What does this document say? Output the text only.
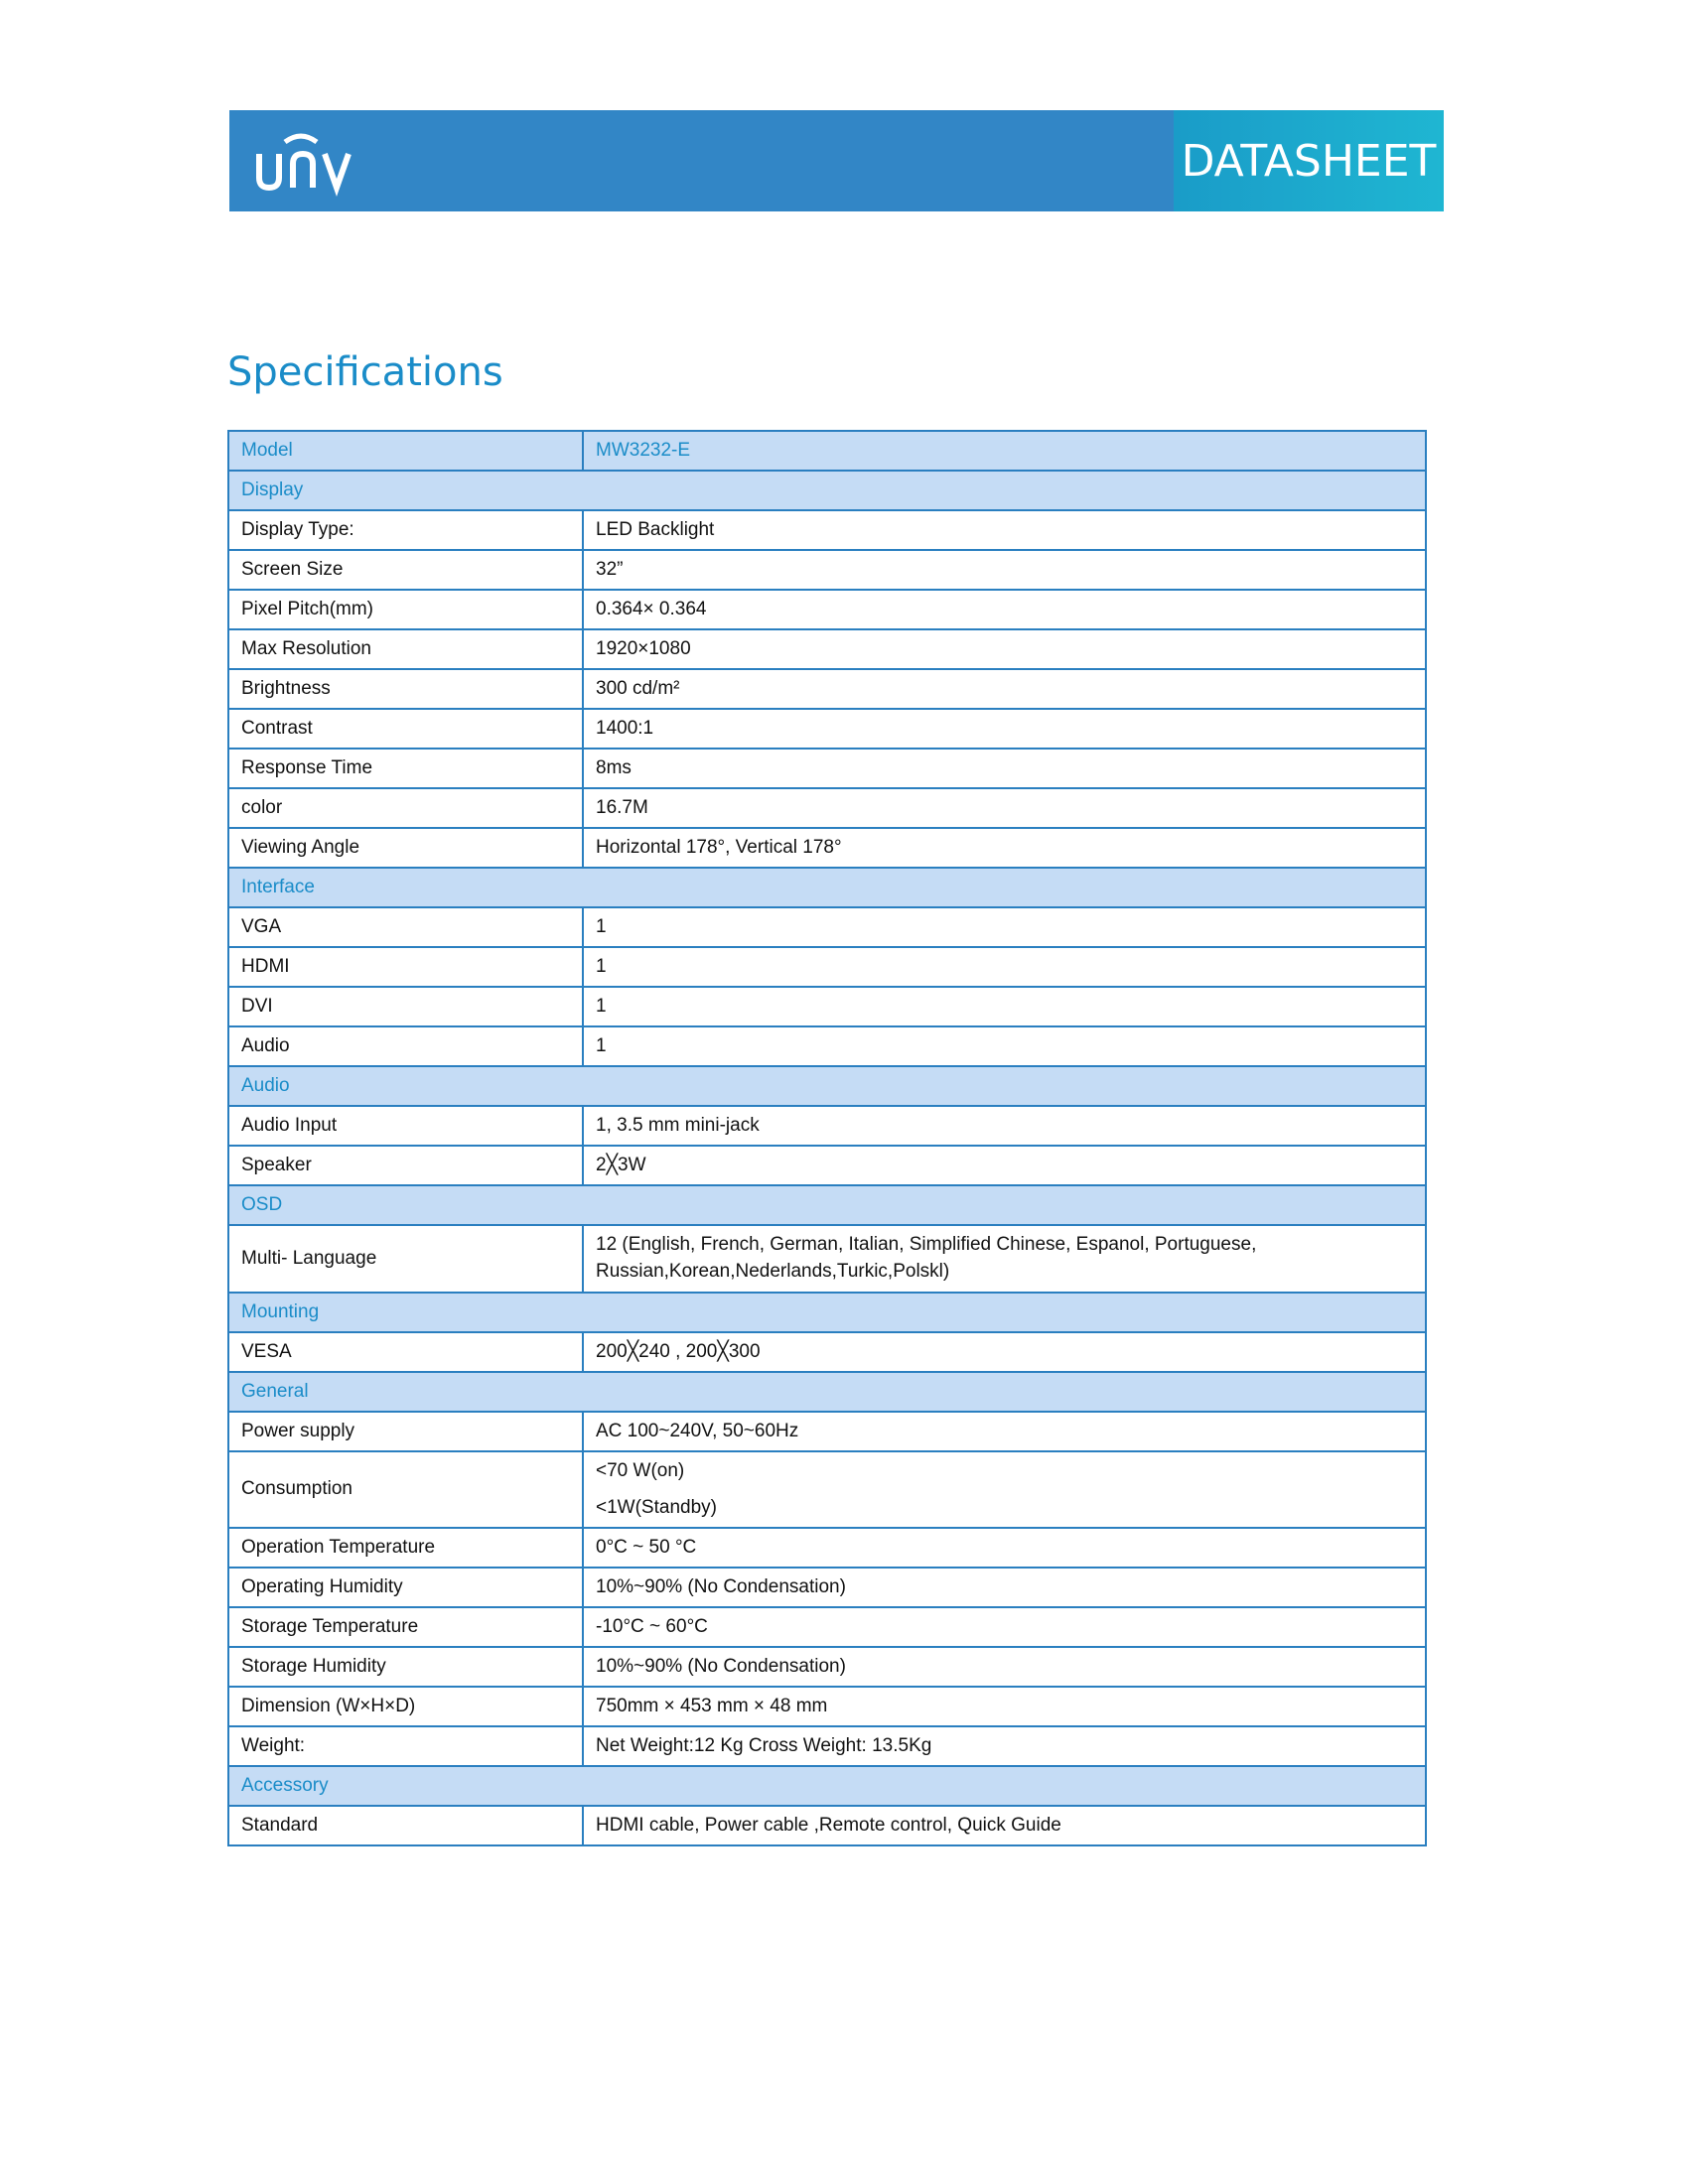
DATASHEET
Specifications
Model	MW3232-E
Display	
Display Type:	LED Backlight
Screen Size	32”
Pixel Pitch(mm)	0.364× 0.364
Max Resolution	1920×1080
Brightness	300 cd/m²
Contrast	1400:1
Response Time	8ms
color	16.7M
Viewing Angle	Horizontal 178°, Vertical 178°
Interface	
VGA	1
HDMI	1
DVI	1
Audio	1
Audio	
Audio Input	1, 3.5 mm mini-jack
Speaker	2╳3W
OSD	
Multi- Language	12 (English, French, German, Italian, Simplified Chinese, Espanol, Portuguese, Russian,Korean,Nederlands,Turkic,Polskl)
Mounting	
VESA	200╳240 , 200╳300
General	
Power supply	AC 100~240V, 50~60Hz
Consumption	<70 W(on)
<1W(Standby)

Operation Temperature	0°C ~ 50 °C
Operating Humidity	10%~90% (No Condensation)
Storage Temperature	-10°C ~ 60°C
Storage Humidity	10%~90% (No Condensation)
Dimension (W×H×D)	750mm × 453 mm × 48 mm
Weight:	Net Weight:12 Kg Cross Weight: 13.5Kg
Accessory	
Standard	HDMI cable, Power cable ,Remote control, Quick Guide
